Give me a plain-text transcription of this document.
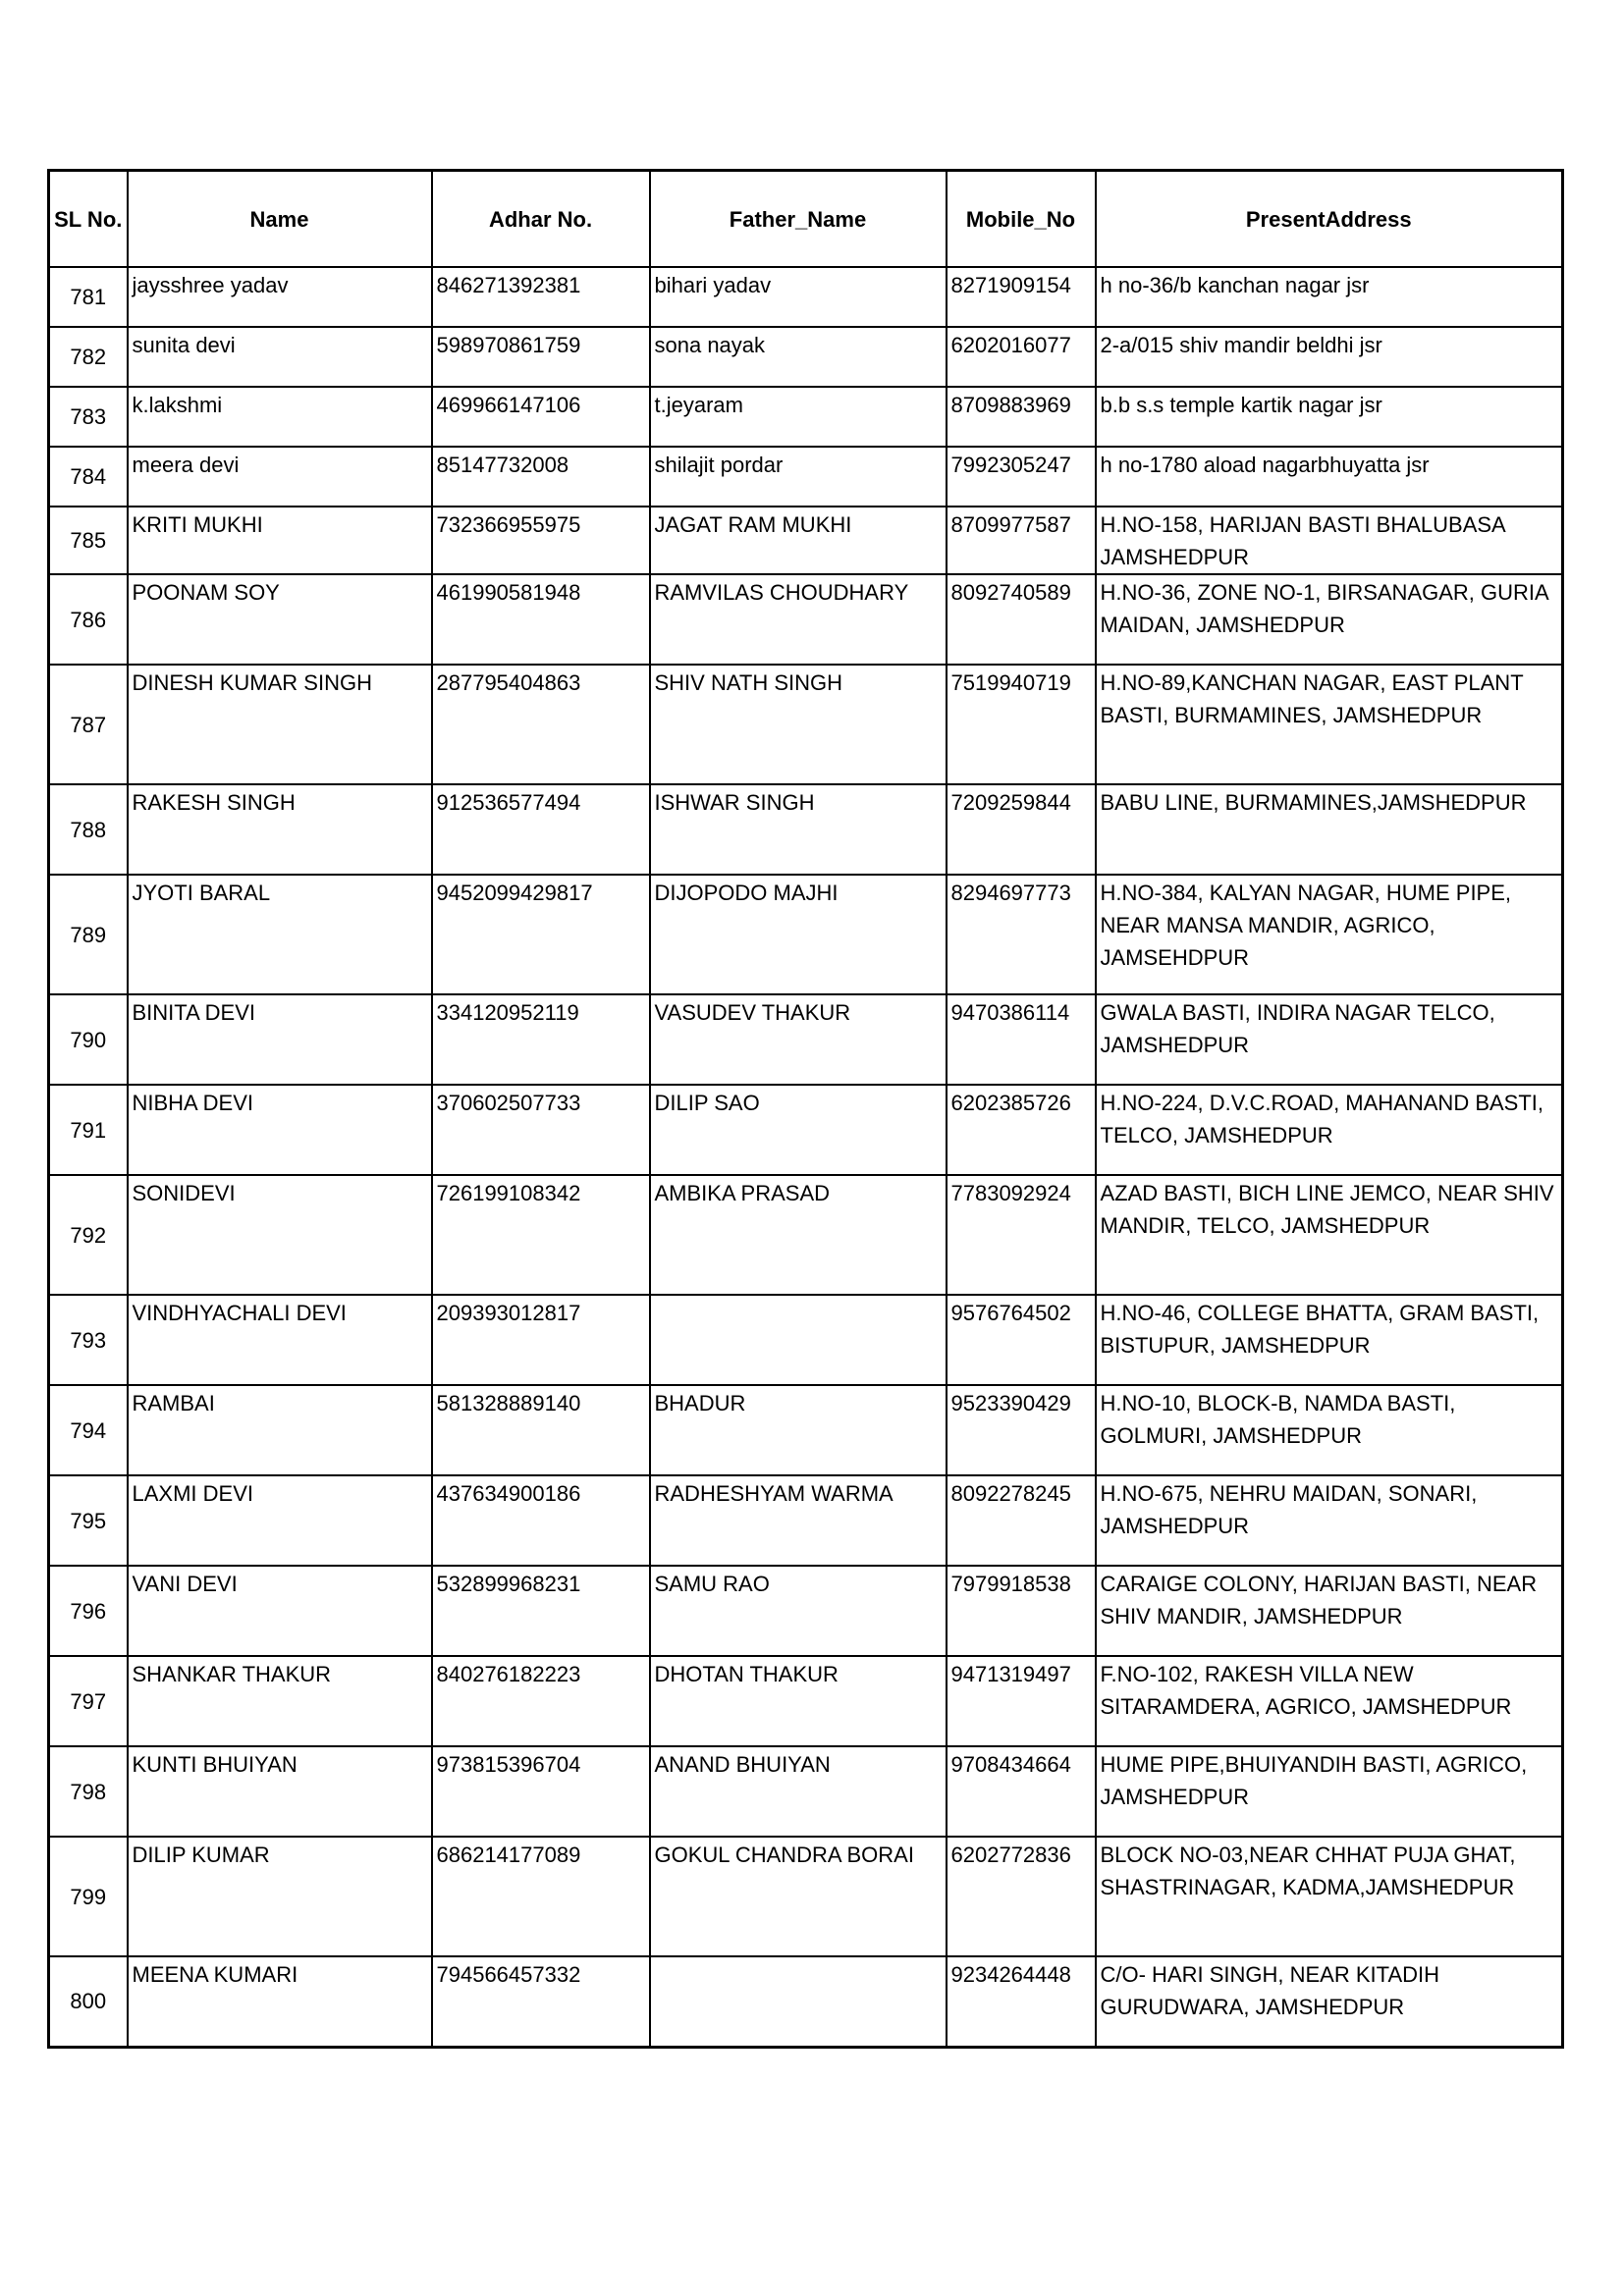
SL No.	Name	Adhar No.	Father_Name	Mobile_No	PresentAddress
781	jaysshree yadav	846271392381	bihari yadav	8271909154	h no-36/b kanchan nagar jsr
782	sunita devi	598970861759	sona nayak	6202016077	2-a/015 shiv mandir beldhi jsr
783	k.lakshmi	469966147106	t.jeyaram	8709883969	b.b s.s temple kartik nagar jsr
784	meera devi	85147732008	shilajit pordar	7992305247	h no-1780 aload nagarbhuyatta jsr
785	KRITI MUKHI	732366955975	JAGAT RAM MUKHI	8709977587	H.NO-158, HARIJAN BASTI BHALUBASA JAMSHEDPUR
786	POONAM SOY	461990581948	RAMVILAS CHOUDHARY	8092740589	H.NO-36, ZONE NO-1, BIRSANAGAR, GURIA MAIDAN, JAMSHEDPUR
787	DINESH KUMAR SINGH	287795404863	SHIV NATH SINGH	7519940719	H.NO-89,KANCHAN NAGAR, EAST PLANT BASTI, BURMAMINES, JAMSHEDPUR
788	RAKESH SINGH	912536577494	ISHWAR SINGH	7209259844	BABU LINE, BURMAMINES,JAMSHEDPUR
789	JYOTI BARAL	9452099429817	DIJOPODO MAJHI	8294697773	H.NO-384, KALYAN NAGAR, HUME PIPE, NEAR MANSA MANDIR, AGRICO, JAMSEHDPUR
790	BINITA DEVI	334120952119	VASUDEV THAKUR	9470386114	GWALA BASTI, INDIRA NAGAR TELCO, JAMSHEDPUR
791	NIBHA DEVI	370602507733	DILIP SAO	6202385726	H.NO-224, D.V.C.ROAD, MAHANAND BASTI, TELCO, JAMSHEDPUR
792	SONIDEVI	726199108342	AMBIKA PRASAD	7783092924	AZAD BASTI, BICH LINE JEMCO, NEAR SHIV MANDIR, TELCO, JAMSHEDPUR
793	VINDHYACHALI DEVI	209393012817		9576764502	H.NO-46, COLLEGE BHATTA, GRAM BASTI, BISTUPUR, JAMSHEDPUR
794	RAMBAI	581328889140	BHADUR	9523390429	H.NO-10, BLOCK-B, NAMDA BASTI, GOLMURI, JAMSHEDPUR
795	LAXMI DEVI	437634900186	RADHESHYAM WARMA	8092278245	H.NO-675, NEHRU MAIDAN, SONARI, JAMSHEDPUR
796	VANI DEVI	532899968231	SAMU RAO	7979918538	CARAIGE COLONY, HARIJAN BASTI, NEAR SHIV MANDIR, JAMSHEDPUR
797	SHANKAR THAKUR	840276182223	DHOTAN THAKUR	9471319497	F.NO-102, RAKESH VILLA NEW SITARAMDERA, AGRICO, JAMSHEDPUR
798	KUNTI BHUIYAN	973815396704	ANAND BHUIYAN	9708434664	HUME PIPE,BHUIYANDIH BASTI, AGRICO, JAMSHEDPUR
799	DILIP KUMAR	686214177089	GOKUL CHANDRA BORAI	6202772836	BLOCK NO-03,NEAR CHHAT PUJA GHAT, SHASTRINAGAR, KADMA,JAMSHEDPUR
800	MEENA KUMARI	794566457332		9234264448	C/O- HARI SINGH, NEAR KITADIH GURUDWARA, JAMSHEDPUR
